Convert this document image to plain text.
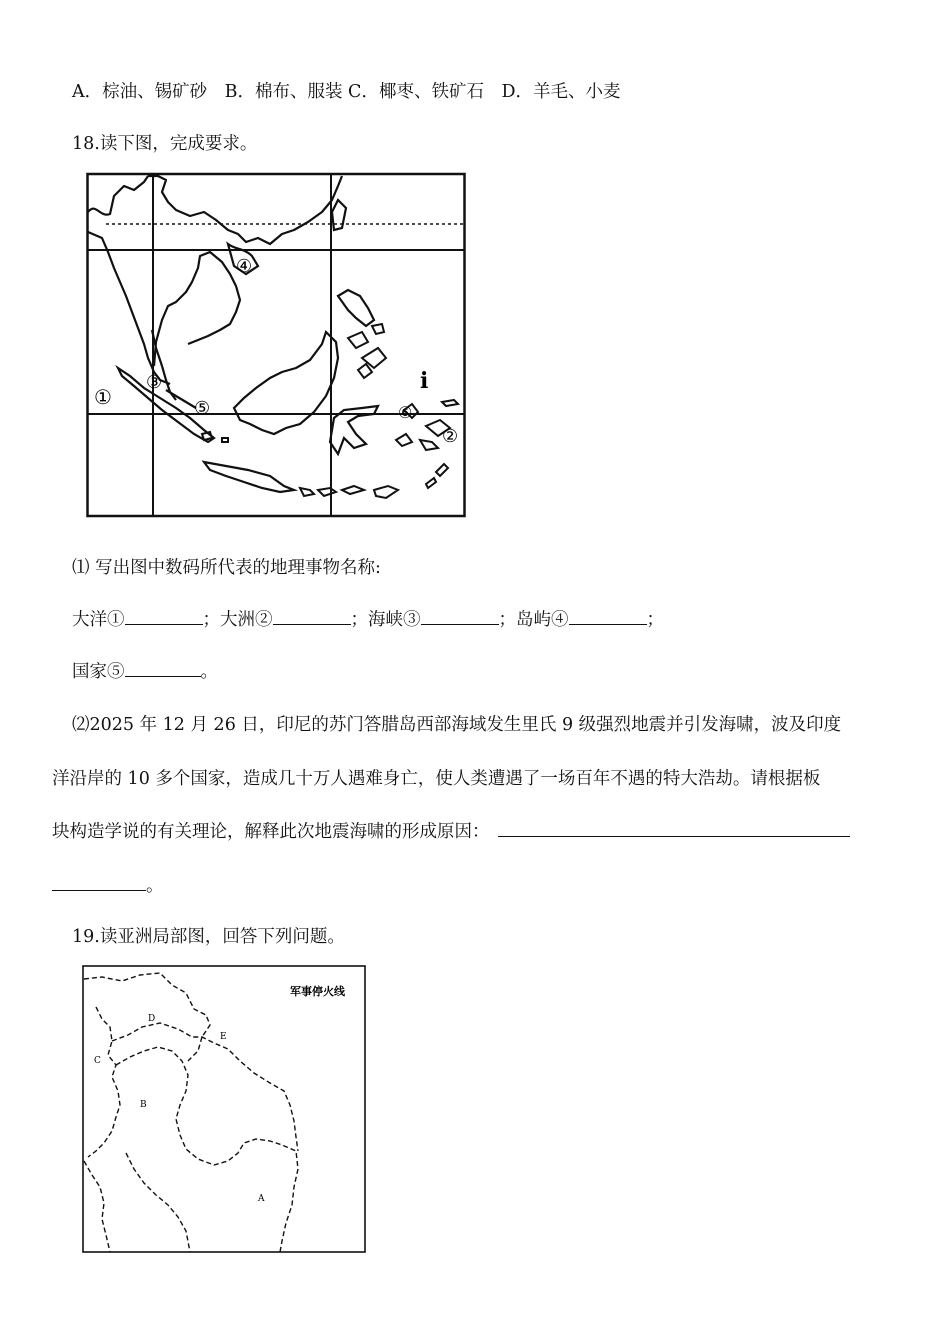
A．棕油、锡矿砂　B．棉布、服装 C．椰枣、铁矿石　D．羊毛、小麦
18.读下图，完成要求。
①
②
③
④
⑤	⑥
i
⑴ 写出图中数码所代表的地理事物名称:
大洋①	；大洲②	；海峡③	；岛屿④	；
国家⑤	。
⑵2025 年 12 月 26 日，印尼的苏门答腊岛西部海域发生里氏 9 级强烈地震并引发海啸，波及印度
洋沿岸的 10 多个国家，造成几十万人遇难身亡，使人类遭遇了一场百年不遇的特大浩劫。请根据板
块构造学说的有关理论，解释此次地震海啸的形成原因：
。
19.读亚洲局部图，回答下列问题。
军事停火线
A
B
C
D
E
